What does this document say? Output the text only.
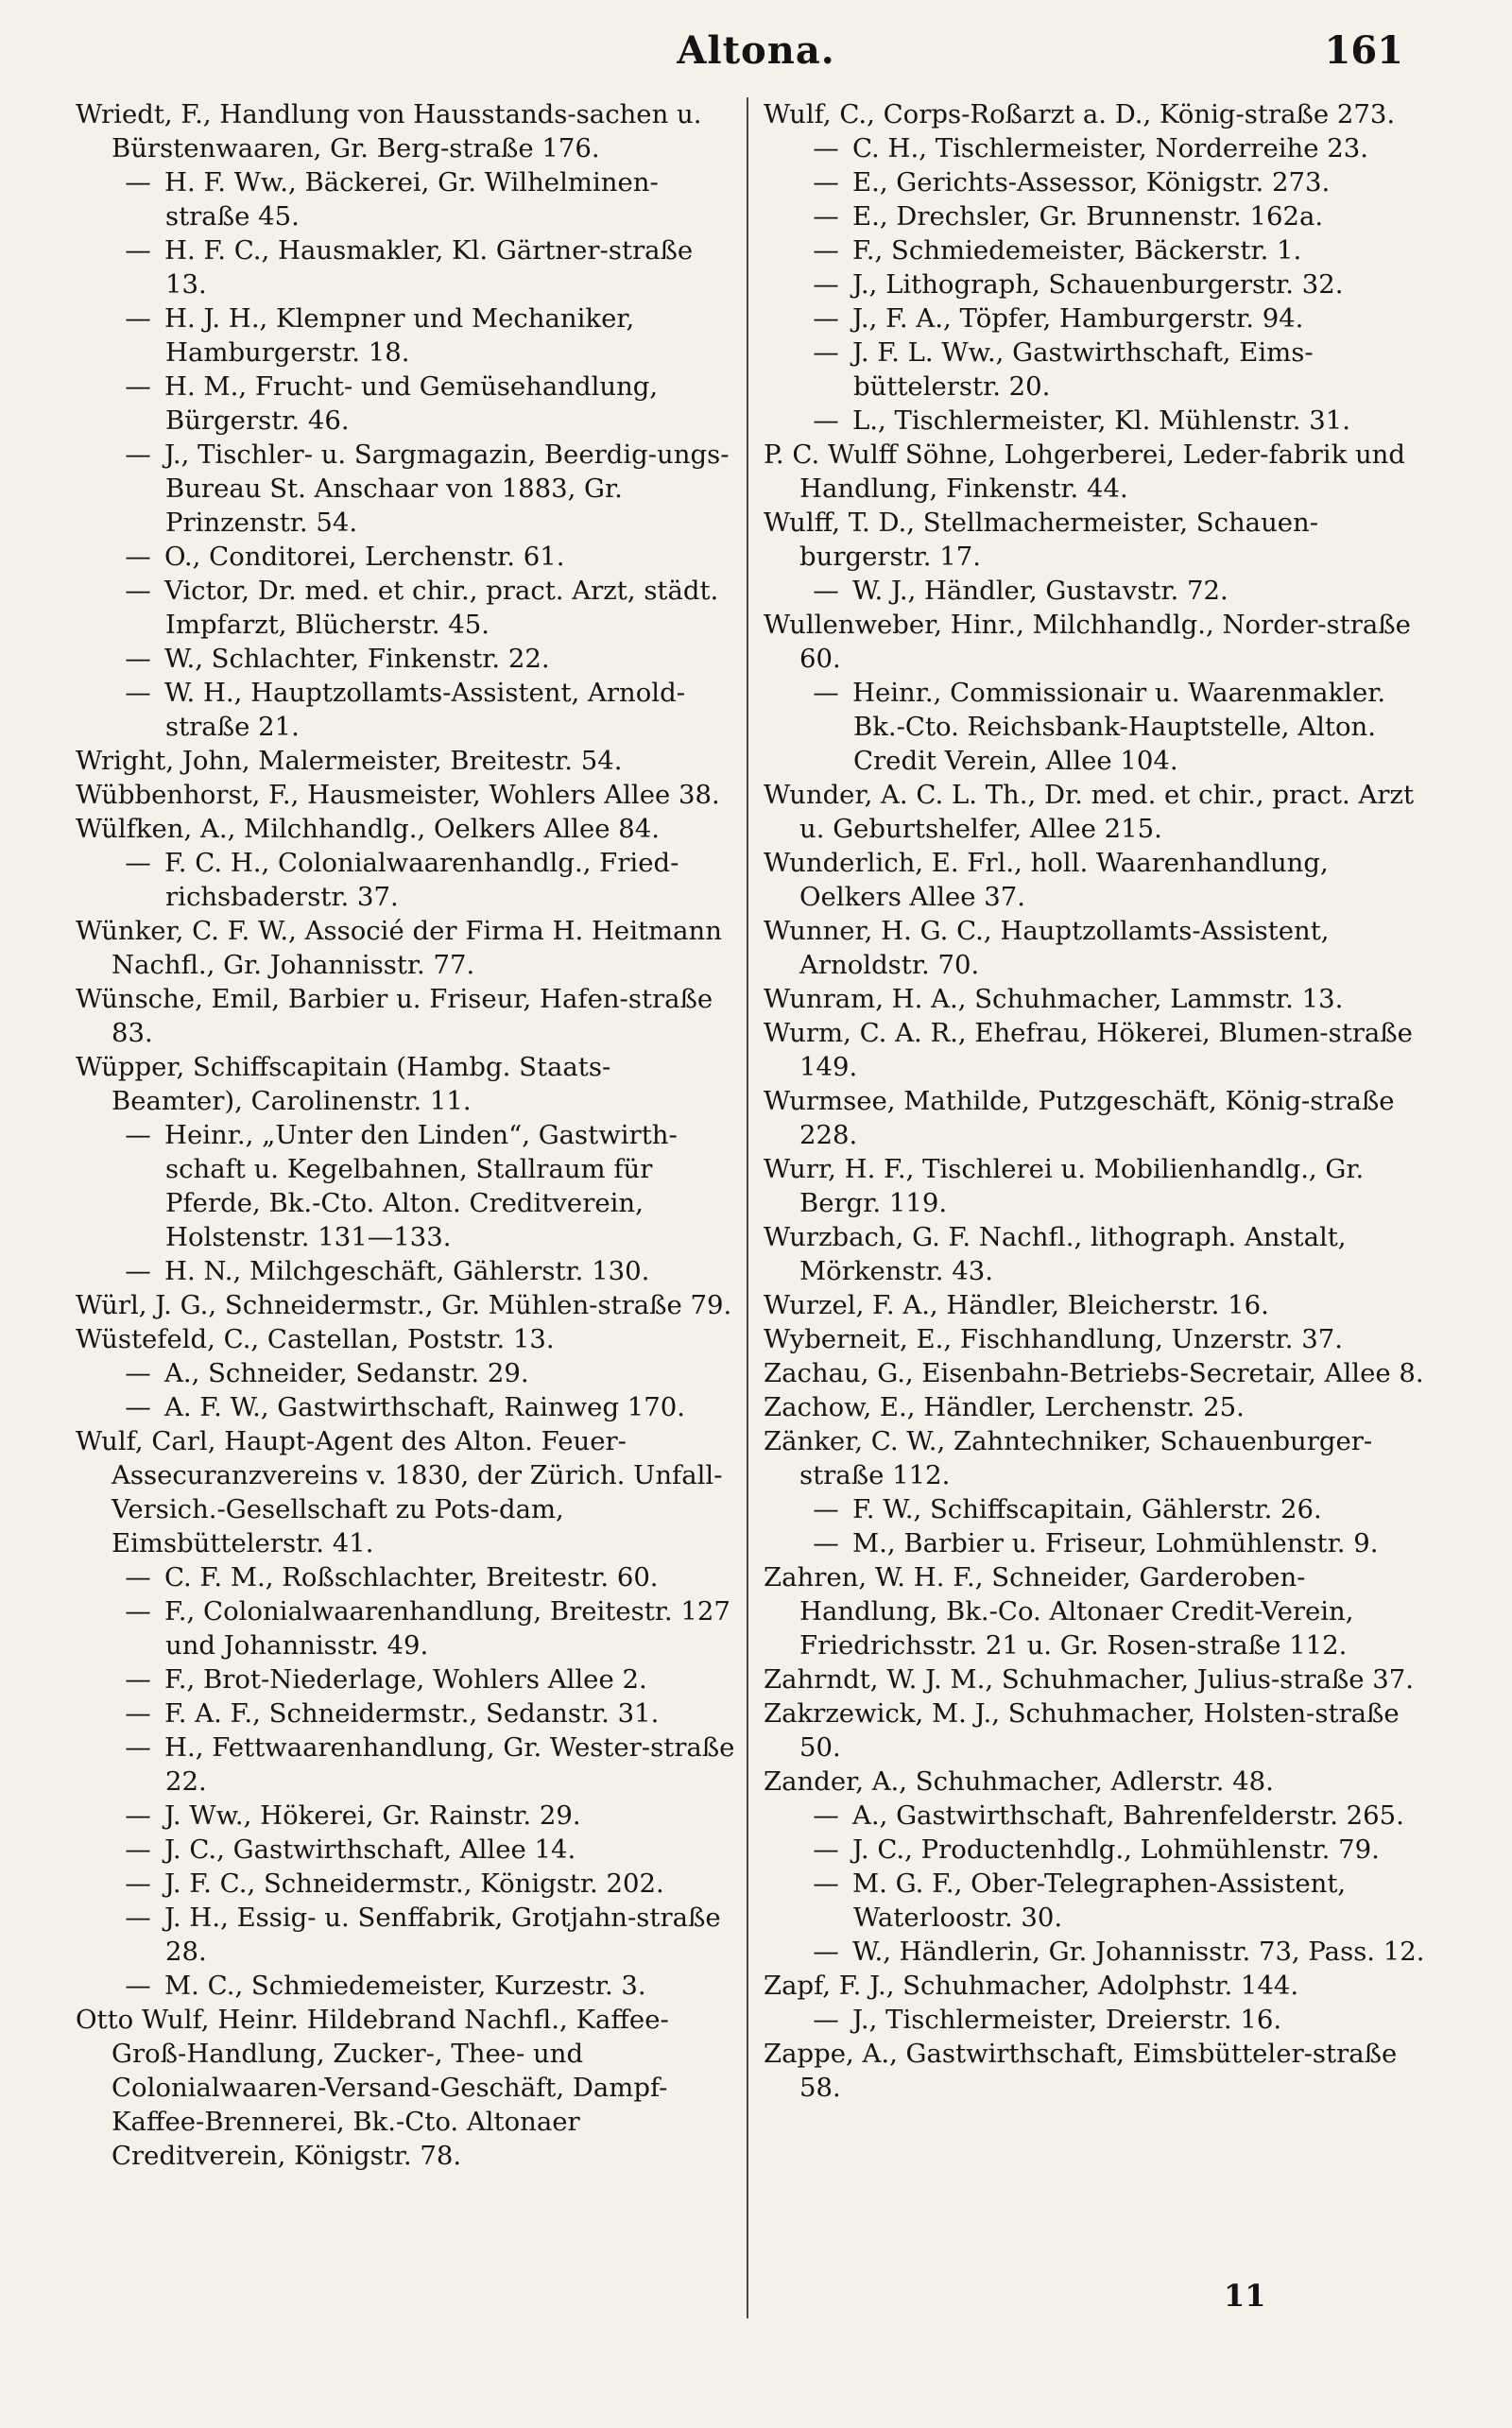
Altona.	161

Wriedt, F., Handlung von Hausstands-sachen u. Bürstenwaaren, Gr. Berg-straße 176.

— H. F. Ww., Bäckerei, Gr. Wilhelminen-straße 45.

— H. F. C., Hausmakler, Kl. Gärtner-straße 13.

— H. J. H., Klempner und Mechaniker, Hamburgerstr. 18.

— H. M., Frucht- und Gemüsehandlung, Bürgerstr. 46.

— J., Tischler- u. Sargmagazin, Beerdig-ungs-Bureau St. Anschaar von 1883, Gr. Prinzenstr. 54.

— O., Conditorei, Lerchenstr. 61.

— Victor, Dr. med. et chir., pract. Arzt, städt. Impfarzt, Blücherstr. 45.

— W., Schlachter, Finkenstr. 22.

— W. H., Hauptzollamts-Assistent, Arnold-straße 21.

Wright, John, Malermeister, Breitestr. 54.

Wübbenhorst, F., Hausmeister, Wohlers Allee 38.

Wülfken, A., Milchhandlg., Oelkers Allee 84.

— F. C. H., Colonialwaarenhandlg., Fried-richsbaderstr. 37.

Wünker, C. F. W., Associé der Firma H. Heitmann Nachfl., Gr. Johannisstr. 77.

Wünsche, Emil, Barbier u. Friseur, Hafen-straße 83.

Wüpper, Schiffscapitain (Hambg. Staats-Beamter), Carolinenstr. 11.

— Heinr., „Unter den Linden“, Gastwirth-schaft u. Kegelbahnen, Stallraum für Pferde, Bk.-Cto. Alton. Creditverein, Holstenstr. 131—133.

— H. N., Milchgeschäft, Gählerstr. 130.

Würl, J. G., Schneidermstr., Gr. Mühlen-straße 79.

Wüstefeld, C., Castellan, Poststr. 13.

— A., Schneider, Sedanstr. 29.

— A. F. W., Gastwirthschaft, Rainweg 170.

Wulf, Carl, Haupt-Agent des Alton. Feuer-Assecuranzvereins v. 1830, der Zürich. Unfall-Versich.-Gesellschaft zu Pots-dam, Eimsbüttelerstr. 41.

— C. F. M., Roßschlachter, Breitestr. 60.

— F., Colonialwaarenhandlung, Breitestr. 127 und Johannisstr. 49.

— F., Brot-Niederlage, Wohlers Allee 2.

— F. A. F., Schneidermstr., Sedanstr. 31.

— H., Fettwaarenhandlung, Gr. Wester-straße 22.

— J. Ww., Hökerei, Gr. Rainstr. 29.

— J. C., Gastwirthschaft, Allee 14.

— J. F. C., Schneidermstr., Königstr. 202.

— J. H., Essig- u. Senffabrik, Grotjahn-straße 28.

— M. C., Schmiedemeister, Kurzestr. 3.

Otto Wulf, Heinr. Hildebrand Nachfl., Kaffee-Groß-Handlung, Zucker-, Thee- und Colonialwaaren-Versand-Geschäft, Dampf-Kaffee-Brennerei, Bk.-Cto. Altonaer Creditverein, Königstr. 78.

Wulf, C., Corps-Roßarzt a. D., König-straße 273.

— C. H., Tischlermeister, Norderreihe 23.

— E., Gerichts-Assessor, Königstr. 273.

— E., Drechsler, Gr. Brunnenstr. 162a.

— F., Schmiedemeister, Bäckerstr. 1.

— J., Lithograph, Schauenburgerstr. 32.

— J., F. A., Töpfer, Hamburgerstr. 94.

— J. F. L. Ww., Gastwirthschaft, Eims-büttelerstr. 20.

— L., Tischlermeister, Kl. Mühlenstr. 31.

P. C. Wulff Söhne, Lohgerberei, Leder-fabrik und Handlung, Finkenstr. 44.

Wulff, T. D., Stellmachermeister, Schauen-burgerstr. 17.

— W. J., Händler, Gustavstr. 72.

Wullenweber, Hinr., Milchhandlg., Norder-straße 60.

— Heinr., Commissionair u. Waarenmakler. Bk.-Cto. Reichsbank-Hauptstelle, Alton. Credit Verein, Allee 104.

Wunder, A. C. L. Th., Dr. med. et chir., pract. Arzt u. Geburtshelfer, Allee 215.

Wunderlich, E. Frl., holl. Waarenhandlung, Oelkers Allee 37.

Wunner, H. G. C., Hauptzollamts-Assistent, Arnoldstr. 70.

Wunram, H. A., Schuhmacher, Lammstr. 13.

Wurm, C. A. R., Ehefrau, Hökerei, Blumen-straße 149.

Wurmsee, Mathilde, Putzgeschäft, König-straße 228.

Wurr, H. F., Tischlerei u. Mobilienhandlg., Gr. Bergr. 119.

Wurzbach, G. F. Nachfl., lithograph. Anstalt, Mörkenstr. 43.

Wurzel, F. A., Händler, Bleicherstr. 16.

Wyberneit, E., Fischhandlung, Unzerstr. 37.

Zachau, G., Eisenbahn-Betriebs-Secretair, Allee 8.

Zachow, E., Händler, Lerchenstr. 25.

Zänker, C. W., Zahntechniker, Schauenburger-straße 112.

— F. W., Schiffscapitain, Gählerstr. 26.

— M., Barbier u. Friseur, Lohmühlenstr. 9.

Zahren, W. H. F., Schneider, Garderoben-Handlung, Bk.-Co. Altonaer Credit-Verein, Friedrichsstr. 21 u. Gr. Rosen-straße 112.

Zahrndt, W. J. M., Schuhmacher, Julius-straße 37.

Zakrzewick, M. J., Schuhmacher, Holsten-straße 50.

Zander, A., Schuhmacher, Adlerstr. 48.

— A., Gastwirthschaft, Bahrenfelderstr. 265.

— J. C., Productenhdlg., Lohmühlenstr. 79.

— M. G. F., Ober-Telegraphen-Assistent, Waterloostr. 30.

— W., Händlerin, Gr. Johannisstr. 73, Pass. 12.

Zapf, F. J., Schuhmacher, Adolphstr. 144.

— J., Tischlermeister, Dreierstr. 16.

Zappe, A., Gastwirthschaft, Eimsbütteler-straße 58.

11
